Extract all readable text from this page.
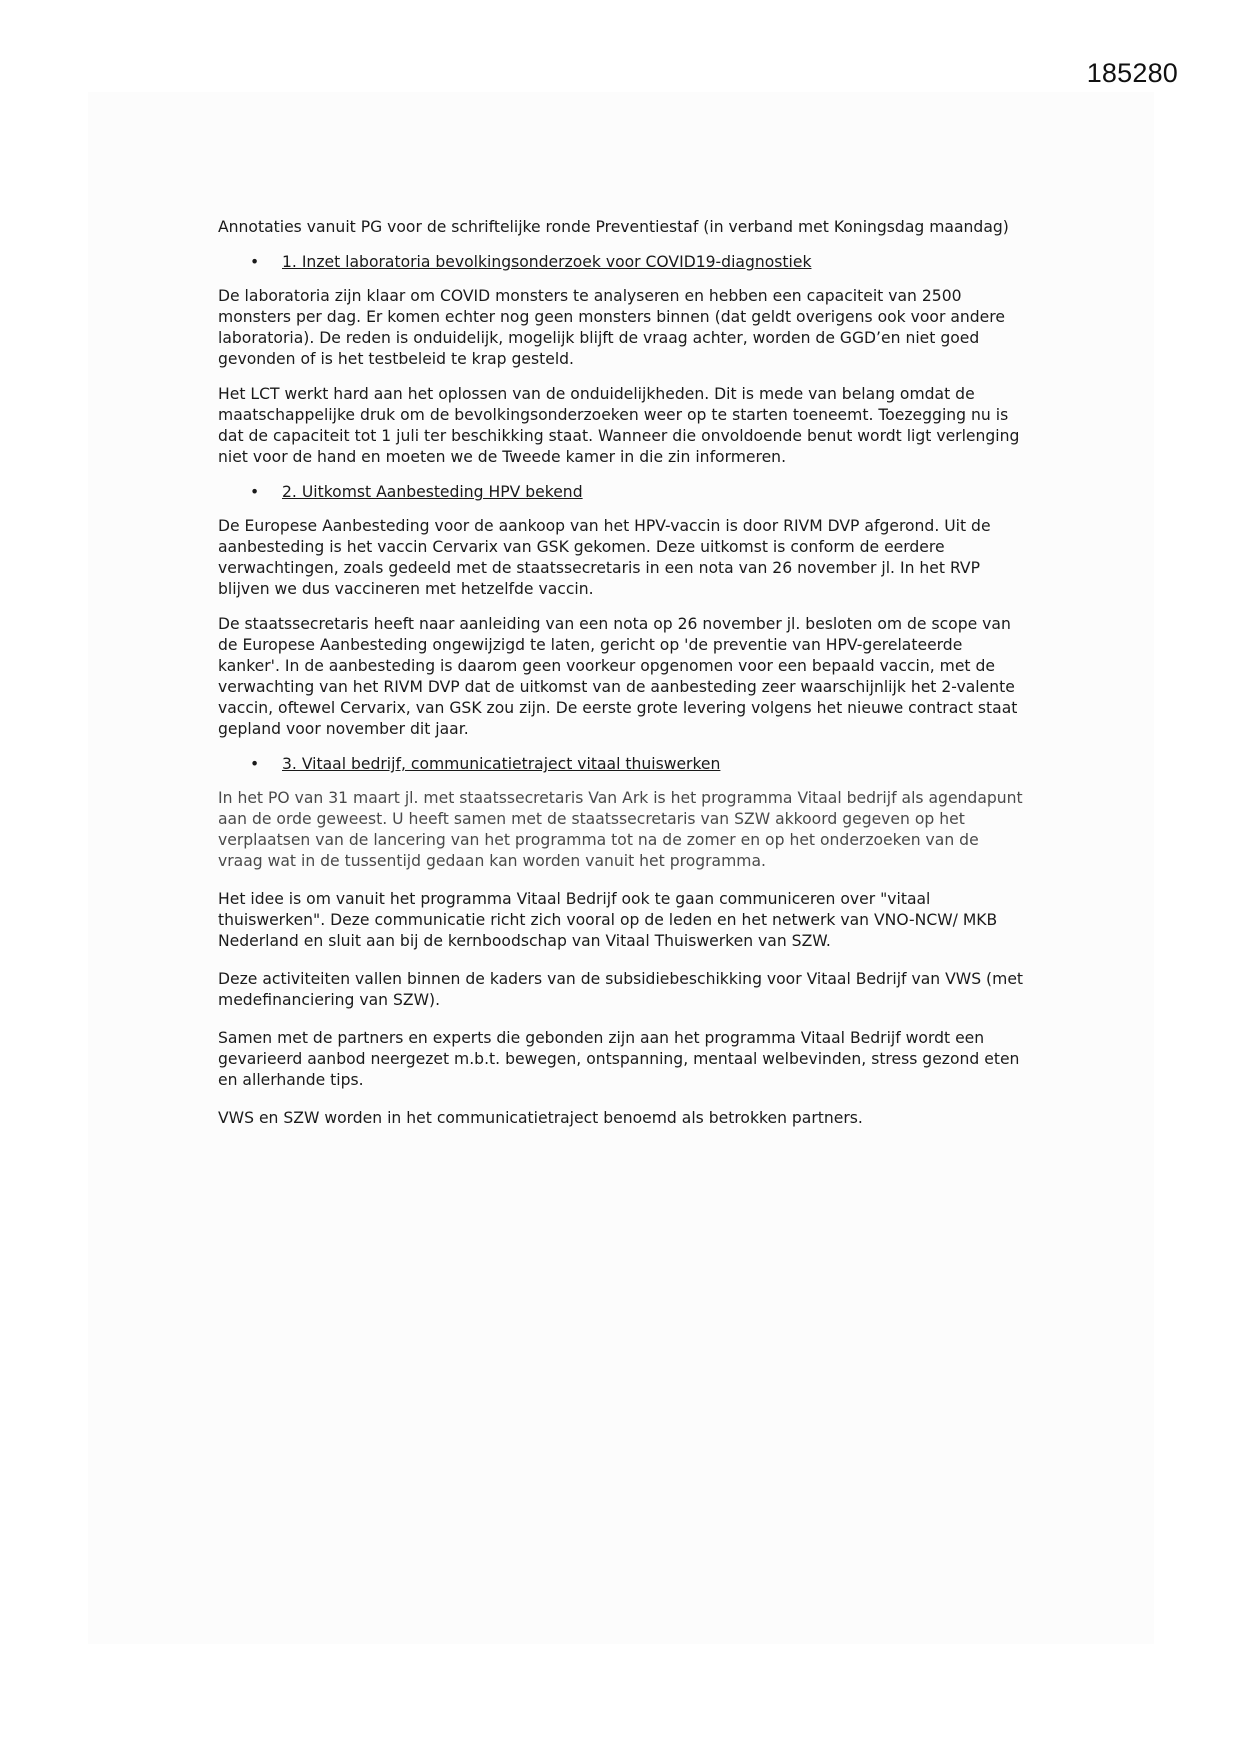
185280

Annotaties vanuit PG voor de schriftelijke ronde Preventiestaf (in verband met Koningsdag maandag)

• 1. Inzet laboratoria bevolkingsonderzoek voor COVID19-diagnostiek

De laboratoria zijn klaar om COVID monsters te analyseren en hebben een capaciteit van 2500 monsters per dag. Er komen echter nog geen monsters binnen (dat geldt overigens ook voor andere laboratoria). De reden is onduidelijk, mogelijk blijft de vraag achter, worden de GGD’en niet goed gevonden of is het testbeleid te krap gesteld.

Het LCT werkt hard aan het oplossen van de onduidelijkheden. Dit is mede van belang omdat de maatschappelijke druk om de bevolkingsonderzoeken weer op te starten toeneemt. Toezegging nu is dat de capaciteit tot 1 juli ter beschikking staat. Wanneer die onvoldoende benut wordt ligt verlenging niet voor de hand en moeten we de Tweede kamer in die zin informeren.

• 2. Uitkomst Aanbesteding HPV bekend

De Europese Aanbesteding voor de aankoop van het HPV-vaccin is door RIVM DVP afgerond. Uit de aanbesteding is het vaccin Cervarix van GSK gekomen. Deze uitkomst is conform de eerdere verwachtingen, zoals gedeeld met de staatssecretaris in een nota van 26 november jl. In het RVP blijven we dus vaccineren met hetzelfde vaccin.

De staatssecretaris heeft naar aanleiding van een nota op 26 november jl. besloten om de scope van de Europese Aanbesteding ongewijzigd te laten, gericht op 'de preventie van HPV-gerelateerde kanker'. In de aanbesteding is daarom geen voorkeur opgenomen voor een bepaald vaccin, met de verwachting van het RIVM DVP dat de uitkomst van de aanbesteding zeer waarschijnlijk het 2-valente vaccin, oftewel Cervarix, van GSK zou zijn. De eerste grote levering volgens het nieuwe contract staat gepland voor november dit jaar.

• 3. Vitaal bedrijf, communicatietraject vitaal thuiswerken

In het PO van 31 maart jl. met staatssecretaris Van Ark is het programma Vitaal bedrijf als agendapunt aan de orde geweest. U heeft samen met de staatssecretaris van SZW akkoord gegeven op het verplaatsen van de lancering van het programma tot na de zomer en op het onderzoeken van de vraag wat in de tussentijd gedaan kan worden vanuit het programma.

Het idee is om vanuit het programma Vitaal Bedrijf ook te gaan communiceren over "vitaal thuiswerken". Deze communicatie richt zich vooral op de leden en het netwerk van VNO-NCW/ MKB Nederland en sluit aan bij de kernboodschap van Vitaal Thuiswerken van SZW.

Deze activiteiten vallen binnen de kaders van de subsidiebeschikking voor Vitaal Bedrijf van VWS (met medefinanciering van SZW).

Samen met de partners en experts die gebonden zijn aan het programma Vitaal Bedrijf wordt een gevarieerd aanbod neergezet m.b.t. bewegen, ontspanning, mentaal welbevinden, stress gezond eten en allerhande tips.

VWS en SZW worden in het communicatietraject benoemd als betrokken partners.
